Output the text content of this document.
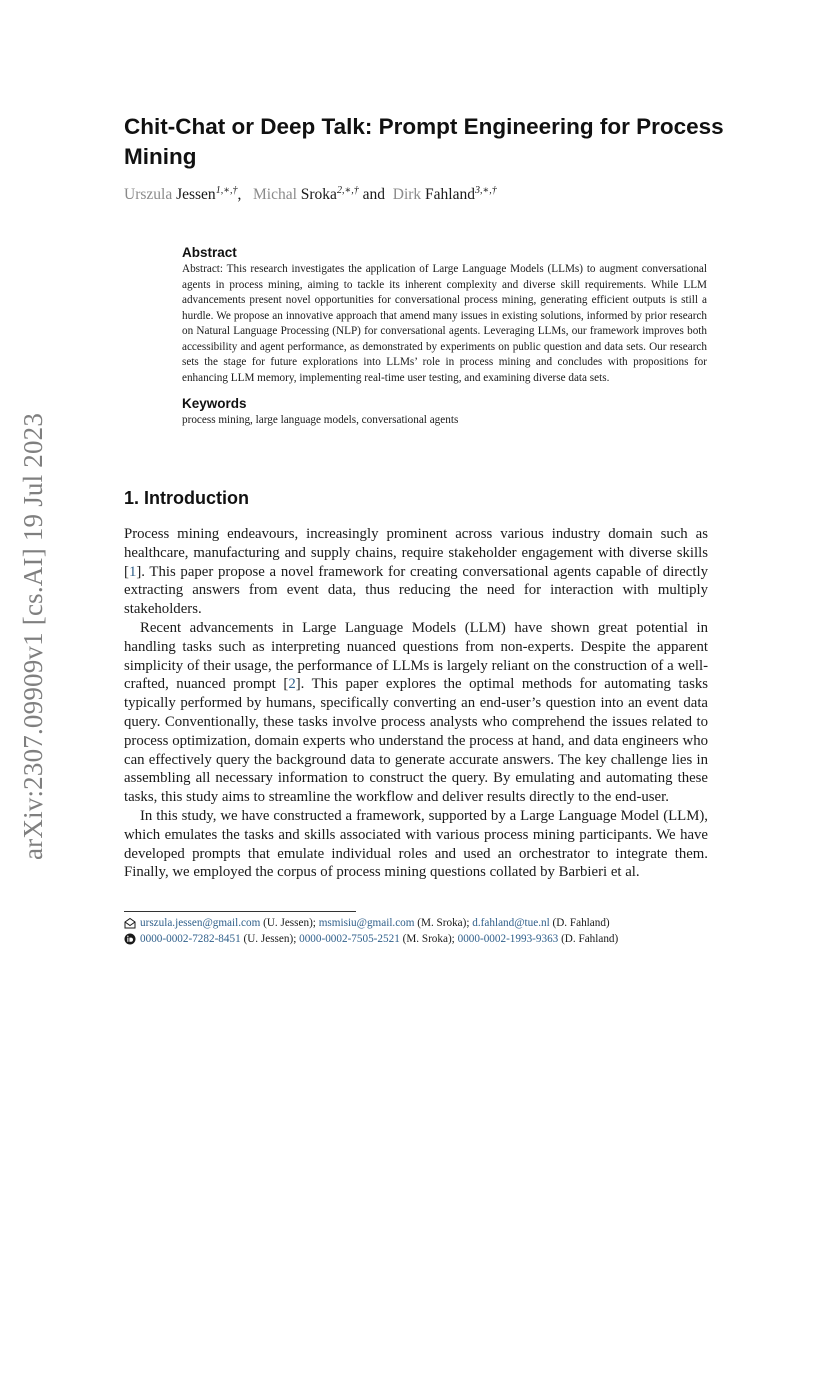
arXiv:2307.09909v1 [cs.AI] 19 Jul 2023
Chit-Chat or Deep Talk: Prompt Engineering for Process Mining
Urszula Jessen$^{1,∗,\dagger}$,   Michal Sroka$^{2,∗,\dagger}$ and Dirk Fahland$^{3,∗,\dagger}$
Abstract

Abstract: This research investigates the application of Large Language Models (LLMs) to augment conversational agents in process mining, aiming to tackle its inherent complexity and diverse skill requirements. While LLM advancements present novel opportunities for conversational process mining, generating efficient outputs is still a hurdle. We propose an innovative approach that amend many issues in existing solutions, informed by prior research on Natural Language Processing (NLP) for conversational agents. Leveraging LLMs, our framework improves both accessibility and agent performance, as demonstrated by experiments on public question and data sets. Our research sets the stage for future explorations into LLMs’ role in process mining and concludes with propositions for enhancing LLM memory, implementing real-time user testing, and examining diverse data sets.

Keywords

process mining, large language models, conversational agents

1. Introduction

Process mining endeavours, increasingly prominent across various industry domain such as healthcare, manufacturing and supply chains, require stakeholder engagement with diverse skills [1]. This paper propose a novel framework for creating conversational agents capable of directly extracting answers from event data, thus reducing the need for interaction with multiply stakeholders.

Recent advancements in Large Language Models (LLM) have shown great potential in handling tasks such as interpreting nuanced questions from non-experts. Despite the apparent simplicity of their usage, the performance of LLMs is largely reliant on the construction of a well-crafted, nuanced prompt [2]. This paper explores the optimal methods for automating tasks typically performed by humans, specifically converting an end-user’s question into an event data query. Conventionally, these tasks involve process analysts who comprehend the issues related to process optimization, domain experts who understand the process at hand, and data engineers who can effectively query the background data to generate accurate answers. The key challenge lies in assembling all necessary information to construct the query. By emulating and automating these tasks, this study aims to streamline the workflow and deliver results directly to the end-user.

In this study, we have constructed a framework, supported by a Large Language Model (LLM), which emulates the tasks and skills associated with various process mining participants. We have developed prompts that emulate individual roles and used an orchestrator to integrate them. Finally, we employed the corpus of process mining questions collated by Barbieri et al.

urszula.jessen@gmail.com (U. Jessen); msmisiu@gmail.com (M. Sroka); d.fahland@tue.nl (D. Fahland)
0000-0002-7282-8451 (U. Jessen); 0000-0002-7505-2521 (M. Sroka); 0000-0002-1993-9363 (D. Fahland)
